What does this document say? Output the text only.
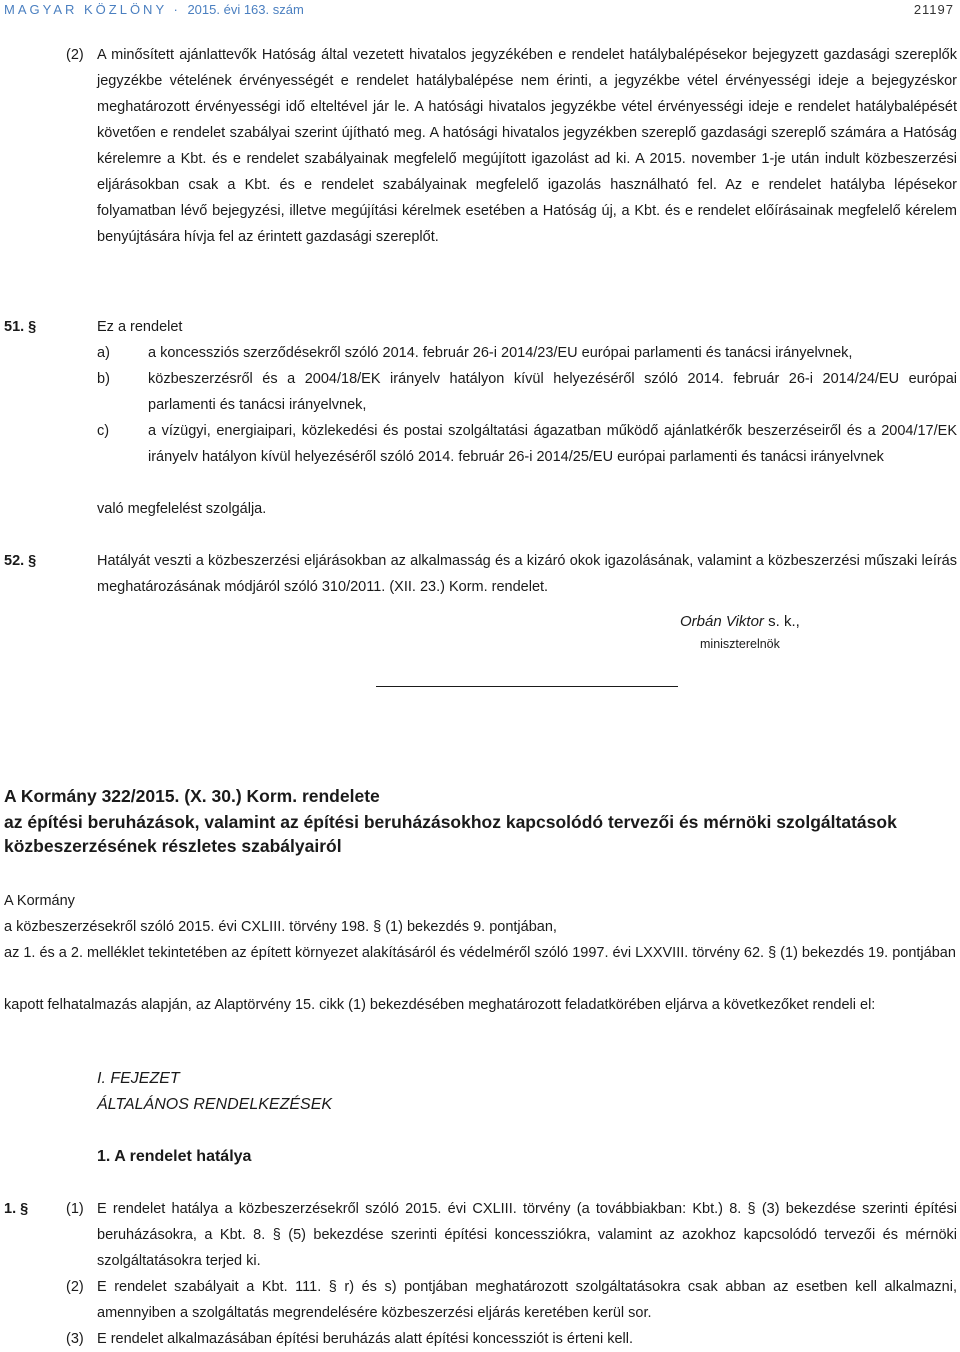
MAGYAR KÖZLÖNY · 2015. évi 163. szám	21197
(2) A minősített ajánlattevők Hatóság által vezetett hivatalos jegyzékében e rendelet hatálybalépésekor bejegyzett gazdasági szereplők jegyzékbe vételének érvényességét e rendelet hatálybalépése nem érinti, a jegyzékbe vétel érvényességi ideje a bejegyzéskor meghatározott érvényességi idő elteltével jár le. A hatósági hivatalos jegyzékbe vétel érvényességi ideje e rendelet hatálybalépését követően e rendelet szabályai szerint újítható meg. A hatósági hivatalos jegyzékben szereplő gazdasági szereplő számára a Hatóság kérelemre a Kbt. és e rendelet szabályainak megfelelő megújított igazolást ad ki. A 2015. november 1-je után indult közbeszerzési eljárásokban csak a Kbt. és e rendelet szabályainak megfelelő igazolás használható fel. Az e rendelet hatályba lépésekor folyamatban lévő bejegyzési, illetve megújítási kérelmek esetében a Hatóság új, a Kbt. és e rendelet előírásainak megfelelő kérelem benyújtására hívja fel az érintett gazdasági szereplőt.
51. §	Ez a rendelet
a)	a koncessziós szerződésekről szóló 2014. február 26-i 2014/23/EU európai parlamenti és tanácsi irányelvnek,
b)	közbeszerzésről és a 2004/18/EK irányelv hatályon kívül helyezéséről szóló 2014. február 26-i 2014/24/EU európai parlamenti és tanácsi irányelvnek,
c)	a vízügyi, energiaipari, közlekedési és postai szolgáltatási ágazatban működő ajánlatkérők beszerzéseiről és a 2004/17/EK irányelv hatályon kívül helyezéséről szóló 2014. február 26-i 2014/25/EU európai parlamenti és tanácsi irányelvnek
való megfelelést szolgálja.
52. §	Hatályát veszti a közbeszerzési eljárásokban az alkalmasság és a kizáró okok igazolásának, valamint a közbeszerzési műszaki leírás meghatározásának módjáról szóló 310/2011. (XII. 23.) Korm. rendelet.
Orbán Viktor s. k.,
miniszterelnök
A Kormány 322/2015. (X. 30.) Korm. rendelete
az építési beruházások, valamint az építési beruházásokhoz kapcsolódó tervezői és mérnöki szolgáltatások közbeszerzésének részletes szabályairól
A Kormány
a közbeszerzésekről szóló 2015. évi CXLIII. törvény 198. § (1) bekezdés 9. pontjában,
az 1. és a 2. melléklet tekintetében az épített környezet alakításáról és védelméről szóló 1997. évi LXXVIII. törvény 62. § (1) bekezdés 19. pontjában
kapott felhatalmazás alapján, az Alaptörvény 15. cikk (1) bekezdésében meghatározott feladatkörében eljárva a következőket rendeli el:
I. FEJEZET
ÁLTALÁNOS RENDELKEZÉSEK
1. A rendelet hatálya
1. §	(1) E rendelet hatálya a közbeszerzésekről szóló 2015. évi CXLIII. törvény (a továbbiakban: Kbt.) 8. § (3) bekezdése szerinti építési beruházásokra, a Kbt. 8. § (5) bekezdése szerinti építési koncessziókra, valamint az azokhoz kapcsolódó tervezői és mérnöki szolgáltatásokra terjed ki.
(2) E rendelet szabályait a Kbt. 111. § r) és s) pontjában meghatározott szolgáltatásokra csak abban az esetben kell alkalmazni, amennyiben a szolgáltatás megrendelésére közbeszerzési eljárás keretében kerül sor.
(3) E rendelet alkalmazásában építési beruházás alatt építési koncessziót is érteni kell.
